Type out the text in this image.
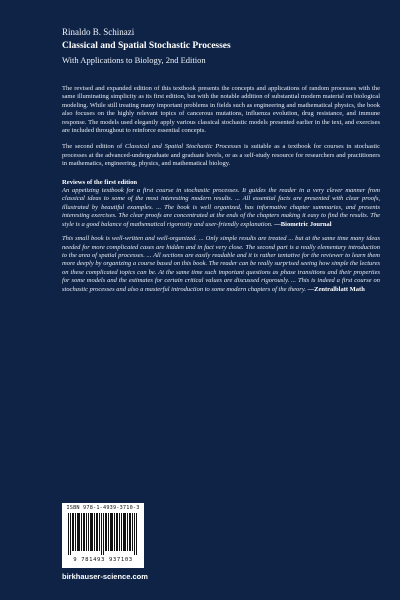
Rinaldo B. Schinazi
Classical and Spatial Stochastic Processes
With Applications to Biology, 2nd Edition

The revised and expanded edition of this textbook presents the concepts and applications of random processes with the same illuminating simplicity as its first edition, but with the notable addition of substantial modern material on biological modeling. While still treating many important problems in fields such as engineering and mathematical physics, the book also focuses on the highly relevant topics of cancerous mutations, influenza evolution, drug resistance, and immune response. The models used elegantly apply various classical stochastic models presented earlier in the text, and exercises are included throughout to reinforce essential concepts.

The second edition of Classical and Spatial Stochastic Processes is suitable as a textbook for courses in stochastic processes at the advanced-undergraduate and graduate levels, or as a self-study resource for researchers and practitioners in mathematics, engineering, physics, and mathematical biology.

Reviews of the first edition

An appetizing textbook for a first course in stochastic processes. It guides the reader in a very clever manner from classical ideas to some of the most interesting modern results. ... All essential facts are presented with clear proofs, illustrated by beautiful examples. ... The book is well organized, has informative chapter summaries, and presents interesting exercises. The clear proofs are concentrated at the ends of the chapters making it easy to find the results. The style is a good balance of mathematical rigorosity and user-friendly explanation. —Biometric Journal

This small book is well-written and well-organized. ... Only simple results are treated ... but at the same time many ideas needed for more complicated cases are hidden and in fact very close. The second part is a really elementary introduction to the area of spatial processes. ... All sections are easily readable and it is rather tentative for the reviewer to learn them more deeply by organizing a course based on this book. The reader can be really surprised seeing how simple the lectures on these complicated topics can be. At the same time such important questions as phase transitions and their properties for some models and the estimates for certain critical values are discussed rigorously. ... This is indeed a first course on stochastic processes and also a masterful introduction to some modern chapters of the theory. —Zentralblatt Math

ISBN 978-1-4939-3710-3
9 781493 937103
birkhauser-science.com
